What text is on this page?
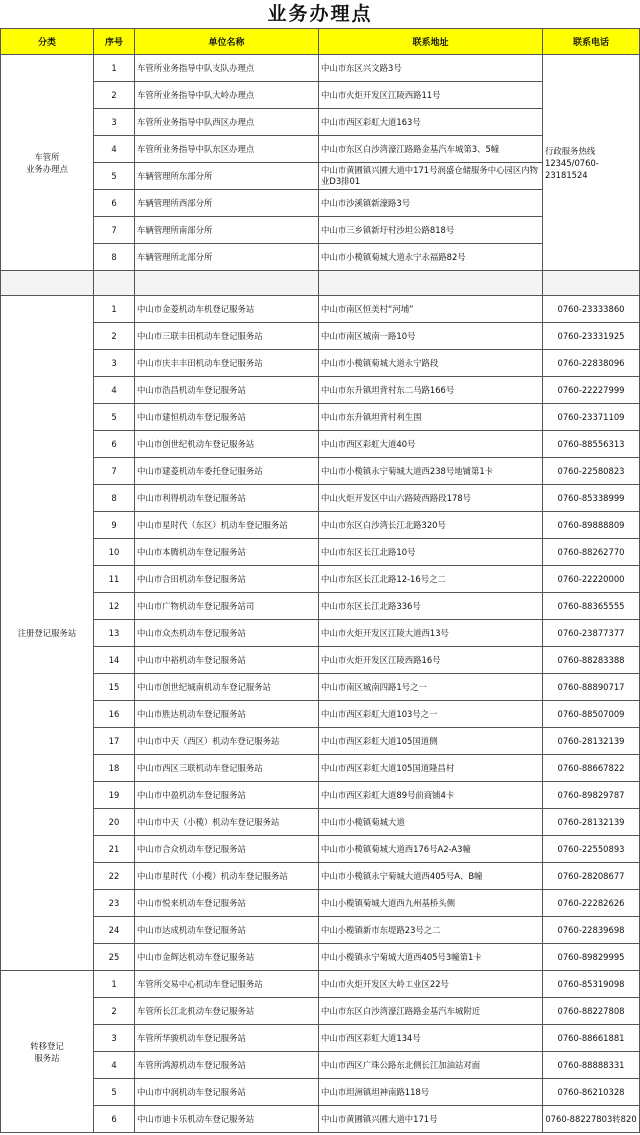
业务办理点
分类	序号	单位名称	联系地址	联系电话
车管所
业务办理点	1	车管所业务指导中队支队办理点	中山市东区兴文路3号	行政服务热线12345/0760-23181524
	2	车管所业务指导中队大岭办理点	中山市火炬开发区江陵西路11号	
	3	车管所业务指导中队西区办理点	中山市西区彩虹大道163号	
	4	车管所业务指导中队东区办理点	中山市东区白沙湾濠江路路金基汽车城第3、5幢	
	5	车辆管理所东部分所	中山市黄圃镇兴圃大道中171号润盛仓储服务中心园区内物业D3排01	
	6	车辆管理所西部分所	中山市沙溪镇新濠路3号	
	7	车辆管理所南部分所	中山市三乡镇新圩村沙坦公路818号	
	8	车辆管理所北部分所	中山市小榄镇菊城大道永宁永福路82号	

注册登记服务站	1	中山市金菱机动车机登记服务站	中山市南区恒美村“河埔”	0760-23333860
	2	中山市三联丰田机动车登记服务站	中山市南区城南一路10号	0760-23331925
	3	中山市庆丰丰田机动车登记服务站	中山市小榄镇菊城大道永宁路段	0760-22838096
	4	中山市浩昌机动车登记服务站	中山市东升镇坦背村东二马路166号	0760-22227999
	5	中山市建恒机动车登记服务站	中山市东升镇坦背村利生围	0760-23371109
	6	中山市创世纪机动车登记服务站	中山市西区彩虹大道40号	0760-88556313
	7	中山市建菱机动车委托登记服务站	中山市小榄镇永宁菊城大道西238号地铺第1卡	0760-22580823
	8	中山市利得机动车登记服务站	中山火炬开发区中山六路陵西路段178号	0760-85338999
	9	中山市星时代（东区）机动车登记服务站	中山市东区白沙湾长江北路320号	0760-89888809
	10	中山市本腾机动车登记服务站	中山市东区长江北路10号	0760-88262770
	11	中山市合田机动车登记服务站	中山市东区长江北路12-16号之二	0760-22220000
	12	中山市广物机动车登记服务站司	中山市东区长江北路336号	0760-88365555
	13	中山市众杰机动车登记服务站	中山市火炬开发区江陵大道西13号	0760-23877377
	14	中山市中裕机动车登记服务站	中山市火炬开发区江陵西路16号	0760-88283388
	15	中山市创世纪城南机动车登记服务站	中山市南区城南四路1号之一	0760-88890717
	16	中山市胜达机动车登记服务站	中山市西区彩虹大道103号之一	0760-88507009
	17	中山市中天（西区）机动车登记服务站	中山市西区彩虹大道105国道侧	0760-28132139
	18	中山市西区三联机动车登记服务站	中山市西区彩虹大道105国道隆昌村	0760-88667822
	19	中山市中盈机动车登记服务站	中山市西区彩虹大道89号前商铺4卡	0760-89829787
	20	中山市中天（小榄）机动车登记服务站	中山市小榄镇菊城大道	0760-28132139
	21	中山市合众机动车登记服务站	中山市小榄镇菊城大道西176号A2-A3幢	0760-22550893
	22	中山市星时代（小榄）机动车登记服务站	中山市小榄镇永宁菊城大道西405号A、B幢	0760-28208677
	23	中山市悦来机动车登记服务站	中山小榄镇菊城大道西九州基桥头侧	0760-22282626
	24	中山市达成机动车登记服务站	中山小榄镇新市东堤路23号之二	0760-22839698
	25	中山市金辉达机动车登记服务站	中山小榄镇永宁菊城大道西405号3幢第1卡	0760-89829995
转移登记
服务站	1	车管所交易中心机动车登记服务站	中山市火炬开发区大岭工业区22号	0760-85319098
	2	车管所长江北机动车登记服务站	中山市东区白沙湾濠江路路金基汽车城附近	0760-88227808
	3	车管所华骏机动车登记服务站	中山市西区彩虹大道134号	0760-88661881
	4	车管所鸿源机动车登记服务站	中山市西区广珠公路东北侧长江加油站对面	0760-88888331
	5	中山市中润机动车登记服务站	中山市坦洲镇坦神南路118号	0760-86210328
	6	中山市迪卡乐机动车登记服务站	中山市黄圃镇兴圃大道中171号	0760-88227803转820
